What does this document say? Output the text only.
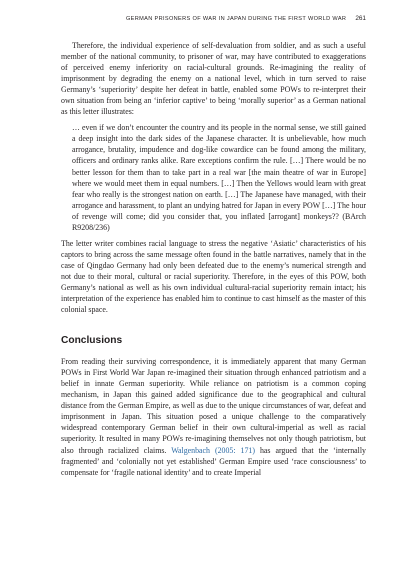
GERMAN PRISONERS OF WAR IN JAPAN DURING THE FIRST WORLD WAR 261

Therefore, the individual experience of self-devaluation from soldier, and as such a useful member of the national community, to prisoner of war, may have contributed to exaggerations of perceived enemy inferiority on racial-cultural grounds. Re-imagining the reality of imprisonment by degrading the enemy on a national level, which in turn served to raise Germany’s ‘superiority’ despite her defeat in battle, enabled some POWs to re-interpret their own situation from being an ‘inferior captive’ to being ‘morally superior’ as a German national as this letter illustrates:

… even if we don’t encounter the country and its people in the normal sense, we still gained a deep insight into the dark sides of the Japanese character. It is unbelievable, how much arrogance, brutality, impudence and dog-like cowardice can be found among the military, officers and ordinary ranks alike. Rare exceptions confirm the rule. […] There would be no better lesson for them than to take part in a real war [the main theatre of war in Europe] where we would meet them in equal numbers. […] Then the Yellows would learn with great fear who really is the strongest nation on earth. […] The Japanese have managed, with their arrogance and harassment, to plant an undying hatred for Japan in every POW […] The hour of revenge will come; did you consider that, you inflated [arrogant] monkeys?? (BArch R9208/236)

The letter writer combines racial language to stress the negative ‘Asiatic’ characteristics of his captors to bring across the same message often found in the battle narratives, namely that in the case of Qingdao Germany had only been defeated due to the enemy’s numerical strength and not due to their moral, cultural or racial superiority. Therefore, in the eyes of this POW, both Germany’s national as well as his own individual cultural-racial superiority remain intact; his interpretation of the experience has enabled him to continue to cast himself as the master of this colonial space.

Conclusions

From reading their surviving correspondence, it is immediately apparent that many German POWs in First World War Japan re-imagined their situation through enhanced patriotism and a belief in innate German superiority. While reliance on patriotism is a common coping mechanism, in Japan this gained added significance due to the geographical and cultural distance from the German Empire, as well as due to the unique circumstances of war, defeat and imprisonment in Japan. This situation posed a unique challenge to the comparatively widespread contemporary German belief in their own cultural-imperial as well as racial superiority. It resulted in many POWs re-imagining themselves not only though patriotism, but also through racialized claims. Walgenbach (2005: 171) has argued that the ‘internally fragmented’ and ‘colonially not yet established’ German Empire used ‘race consciousness’ to compensate for ‘fragile national identity’ and to create Imperial
